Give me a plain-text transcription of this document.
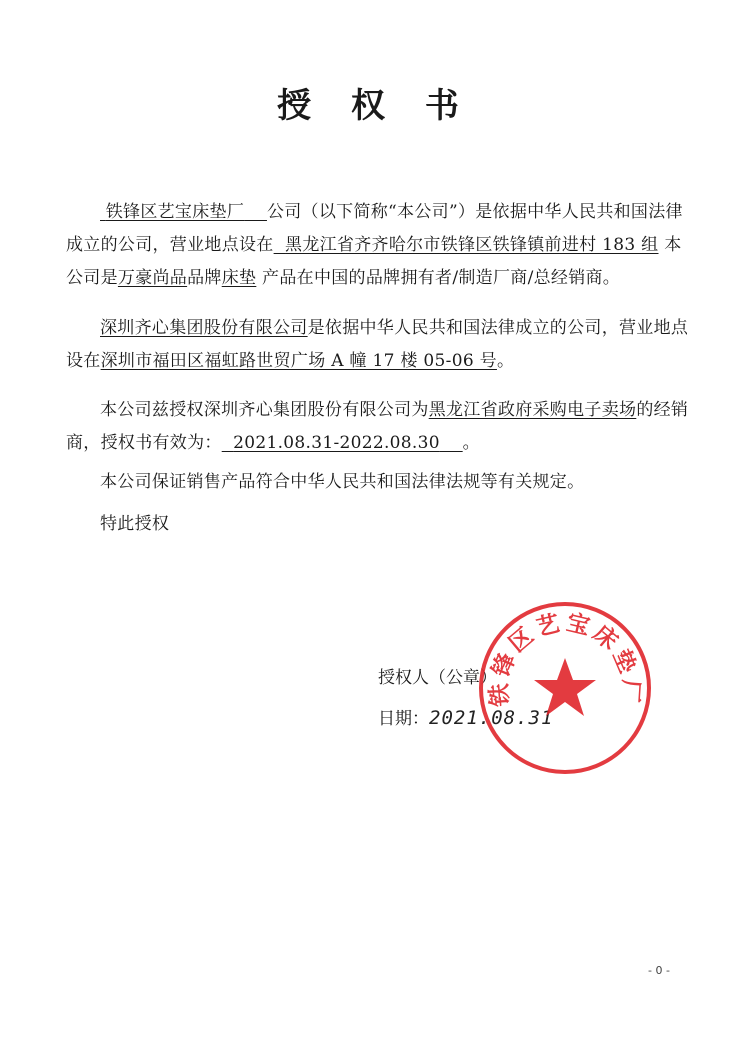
授 权 书

铁锋区艺宝床垫厂 公司（以下简称“本公司”）是依据中华人民共和国法律成立的公司，营业地点设在 黑龙江省齐齐哈尔市铁锋区铁锋镇前进村 183 组 本公司是万豪尚品品牌床垫 产品在中国的品牌拥有者/制造厂商/总经销商。

深圳齐心集团股份有限公司是依据中华人民共和国法律成立的公司，营业地点设在深圳市福田区福虹路世贸广场 A 幢 17 楼 05-06 号。

本公司兹授权深圳齐心集团股份有限公司为黑龙江省政府采购电子卖场的经销商，授权书有效为： 2021.08.31-2022.08.30 。

本公司保证销售产品符合中华人民共和国法律法规等有关规定。

特此授权

授权人（公章）

日期：2021.08.31

铁锋区艺宝床垫厂
- 0 -
